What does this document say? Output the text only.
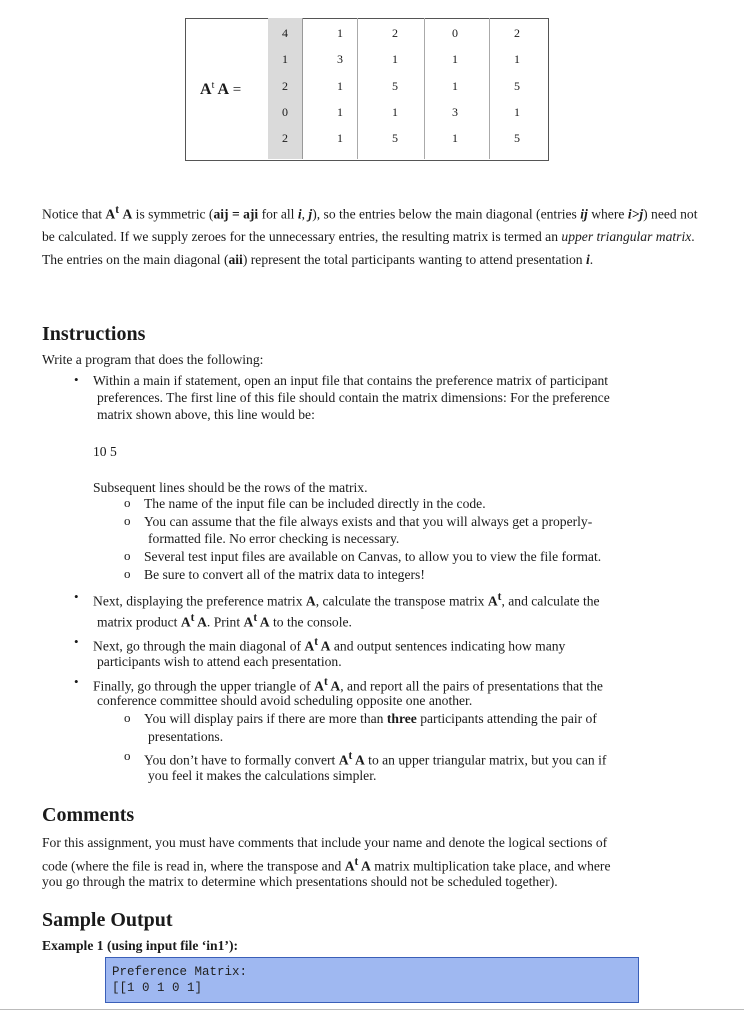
$A^t$ A =
4	1	2	0	2
1	3	1	1	1
2	1	5	1	5
0	1	1	3	1
2	1	5	1	5

Notice that $A^t$ A is symmetric (aij = aji for all i, j), so the entries below the main diagonal (entries ij where i>j) need not be calculated. If we supply zeroes for the unnecessary entries, the resulting matrix is termed an upper triangular matrix. The entries on the main diagonal (aii) represent the total participants wanting to attend presentation i.

Instructions
Write a program that does the following:
• Within a main if statement, open an input file that contains the preference matrix of participant
preferences. The first line of this file should contain the matrix dimensions: For the preference
matrix shown above, this line would be:
10 5
Subsequent lines should be the rows of the matrix.
o The name of the input file can be included directly in the code.
o You can assume that the file always exists and that you will always get a properly-
formatted file. No error checking is necessary.
o Several test input files are available on Canvas, to allow you to view the file format.
o Be sure to convert all of the matrix data to integers!
• Next, displaying the preference matrix A, calculate the transpose matrix $A^t$, and calculate the
matrix product $A^t$ A. Print $A^t$ A to the console.
• Next, go through the main diagonal of $A^t$ A and output sentences indicating how many
participants wish to attend each presentation.
• Finally, go through the upper triangle of $A^t$ A, and report all the pairs of presentations that the
conference committee should avoid scheduling opposite one another.
o You will display pairs if there are more than three participants attending the pair of
presentations.
o You don’t have to formally convert $A^t$ A to an upper triangular matrix, but you can if
you feel it makes the calculations simpler.
Comments
For this assignment, you must have comments that include your name and denote the logical sections of
code (where the file is read in, where the transpose and $A^t$ A matrix multiplication take place, and where
you go through the matrix to determine which presentations should not be scheduled together).
Sample Output
Example 1 (using input file ‘in1’):
Preference Matrix:
[[1 0 1 0 1]
